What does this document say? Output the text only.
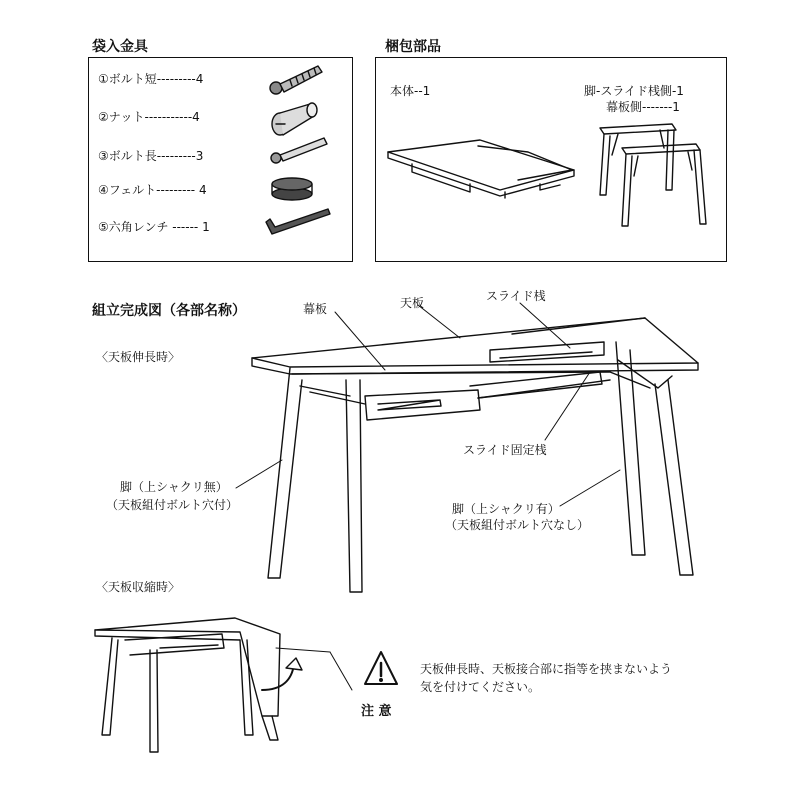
袋入金具	梱包部品
①ボルト短---------4
②ナット-----------4
③ボルト長---------3
④フェルト--------- 4
⑤六角レンチ ------ 1
本体--1	脚-スライド桟側-1
幕板側-------1
組立完成図（各部名称）
〈天板伸長時〉
幕板	天板	スライド桟
スライド固定桟
脚（上シャクリ無）
（天板組付ボルト穴付）	脚（上シャクリ有）
（天板組付ボルト穴なし）
〈天板収縮時〉
天板伸長時、天板接合部に指等を挟まないよう
気を付けてください。
注 意
